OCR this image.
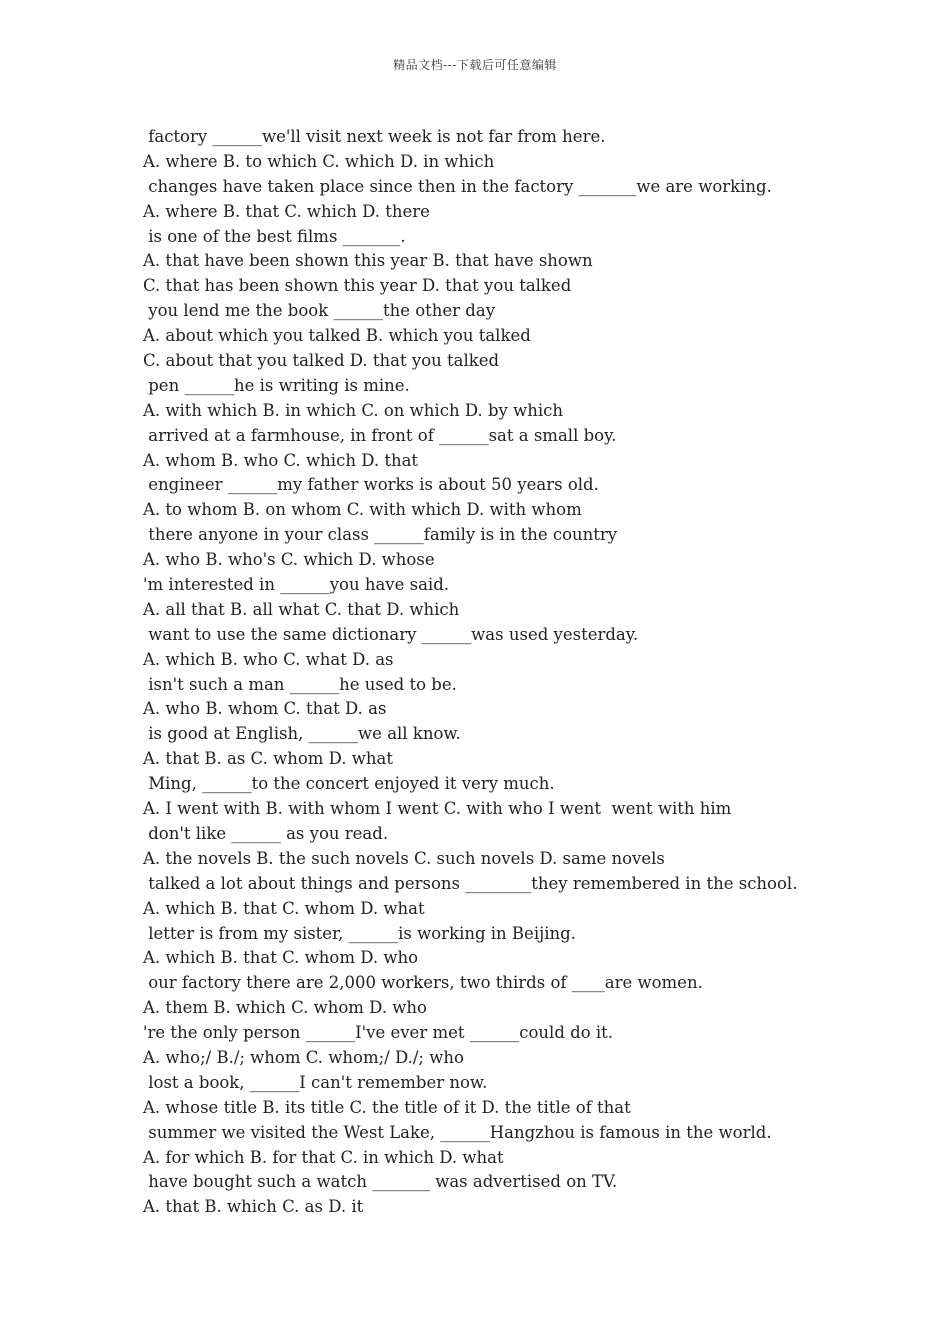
精品文档---下载后可任意编辑
factory ______we'll visit next week is not far from here.
A. where B. to which C. which D. in which
changes have taken place since then in the factory _______we are working.
A. where B. that C. which D. there
is one of the best films _______.
A. that have been shown this year B. that have shown
C. that has been shown this year D. that you talked
you lend me the book ______the other day
A. about which you talked B. which you talked
C. about that you talked D. that you talked
pen ______he is writing is mine.
A. with which B. in which C. on which D. by which
arrived at a farmhouse, in front of ______sat a small boy.
A. whom B. who C. which D. that
engineer ______my father works is about 50 years old.
A. to whom B. on whom C. with which D. with whom
there anyone in your class ______family is in the country
A. who B. who's C. which D. whose
'm interested in ______you have said.
A. all that B. all what C. that D. which
want to use the same dictionary ______was used yesterday.
A. which B. who C. what D. as
isn't such a man ______he used to be.
A. who B. whom C. that D. as
is good at English, ______we all know.
A. that B. as C. whom D. what
Ming, ______to the concert enjoyed it very much.
A. I went with B. with whom I went C. with who I went  went with him
don't like ______ as you read.
A. the novels B. the such novels C. such novels D. same novels
talked a lot about things and persons ________they remembered in the school.
A. which B. that C. whom D. what
letter is from my sister, ______is working in Beijing.
A. which B. that C. whom D. who
our factory there are 2,000 workers, two thirds of ____are women.
A. them B. which C. whom D. who
're the only person ______I've ever met ______could do it.
A. who;/ B./; whom C. whom;/ D./; who
lost a book, ______I can't remember now.
A. whose title B. its title C. the title of it D. the title of that
summer we visited the West Lake, ______Hangzhou is famous in the world.
A. for which B. for that C. in which D. what
have bought such a watch _______ was advertised on TV.
A. that B. which C. as D. it
